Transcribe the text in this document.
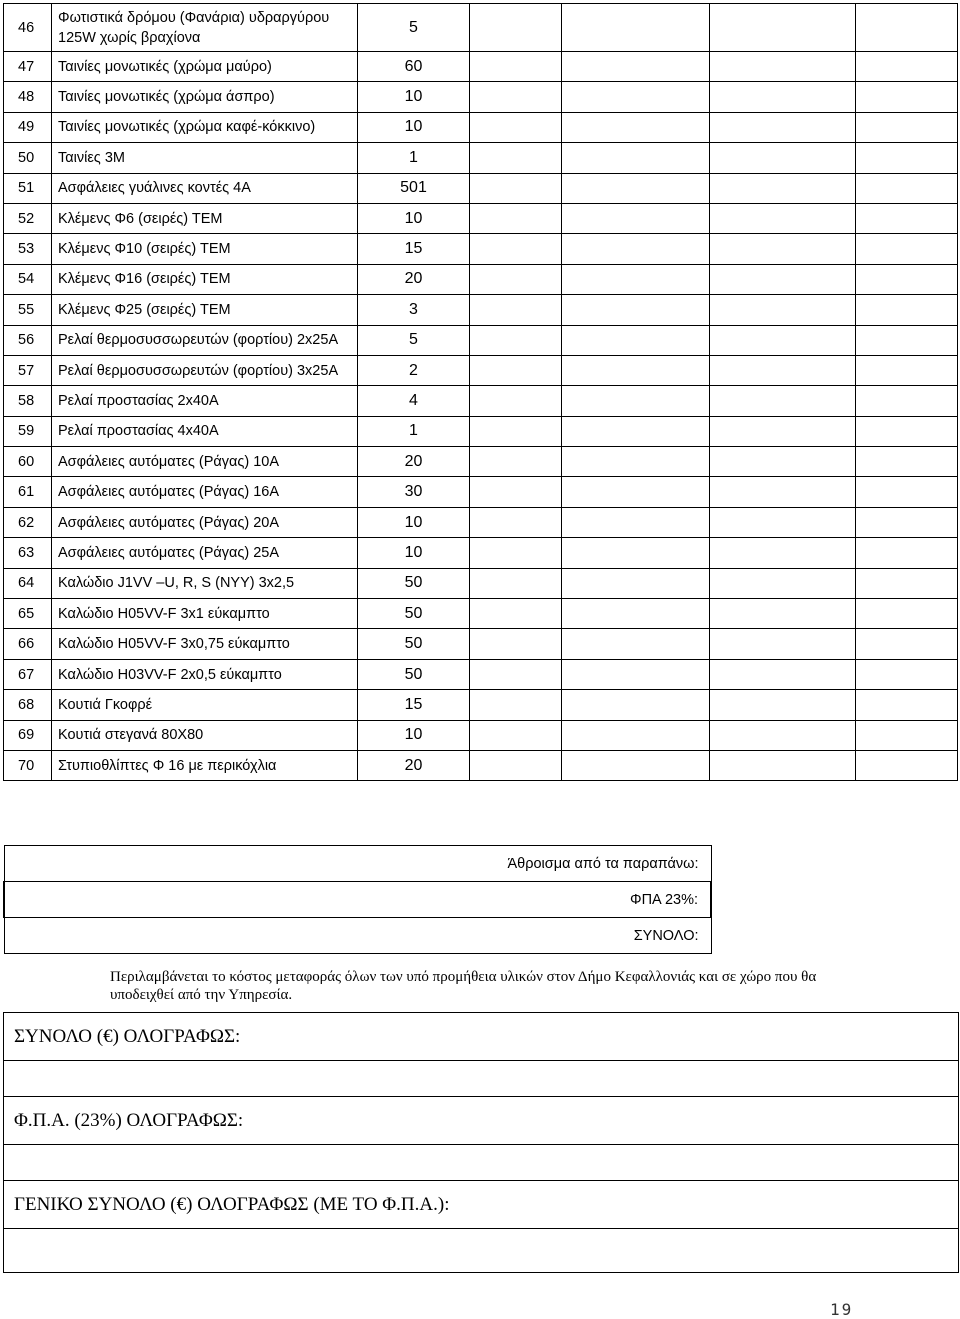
46	Φωτιστικά δρόμου (Φανάρια) υδραργύρου 125W χωρίς βραχίονα	5				
47	Ταινίες μονωτικές (χρώμα μαύρο)	60				
48	Ταινίες μονωτικές (χρώμα άσπρο)	10				
49	Ταινίες μονωτικές (χρώμα καφέ-κόκκινο)	10				
50	Ταινίες 3Μ	1				
51	Ασφάλειες γυάλινες κοντές 4Α	501				
52	Κλέμενς Φ6 (σειρές) ΤΕΜ	10				
53	Κλέμενς Φ10 (σειρές) ΤΕΜ	15				
54	Κλέμενς Φ16 (σειρές) ΤΕΜ	20				
55	Κλέμενς Φ25 (σειρές) ΤΕΜ	3				
56	Ρελαί θερμοσυσσωρευτών (φορτίου) 2x25A	5				
57	Ρελαί θερμοσυσσωρευτών (φορτίου) 3x25A	2				
58	Ρελαί προστασίας 2x40A	4				
59	Ρελαί προστασίας 4x40A	1				
60	Ασφάλειες αυτόματες (Ράγας) 10Α	20				
61	Ασφάλειες αυτόματες (Ράγας) 16Α	30				
62	Ασφάλειες αυτόματες (Ράγας) 20Α	10				
63	Ασφάλειες αυτόματες (Ράγας) 25Α	10				
64	Καλώδιο J1VV –U, R, S (NYY) 3x2,5	50				
65	Καλώδιο H05VV-F 3x1 εύκαμπτο	50				
66	Καλώδιο H05VV-F 3x0,75 εύκαμπτο	50				
67	Καλώδιο H03VV-F 2x0,5 εύκαμπτο	50				
68	Κουτιά Γκοφρέ	15				
69	Κουτιά στεγανά 80Χ80	10				
70	Στυπιοθλίπτες Φ 16 με περικόχλια	20				
Άθροισμα από τα παραπάνω:	
ΦΠΑ 23%:	
ΣΥΝΟΛΟ:	
Περιλαμβάνεται το κόστος μεταφοράς όλων των υπό προμήθεια υλικών στον Δήμο Κεφαλλονιάς και σε χώρο που θα υποδειχθεί από την Υπηρεσία.
ΣΥΝΟΛΟ (€) ΟΛΟΓΡΑΦΩΣ:

Φ.Π.Α. (23%) ΟΛΟΓΡΑΦΩΣ:

ΓΕΝΙΚΟ ΣΥΝΟΛΟ (€) ΟΛΟΓΡΑΦΩΣ (ΜΕ ΤΟ Φ.Π.Α.):

19
